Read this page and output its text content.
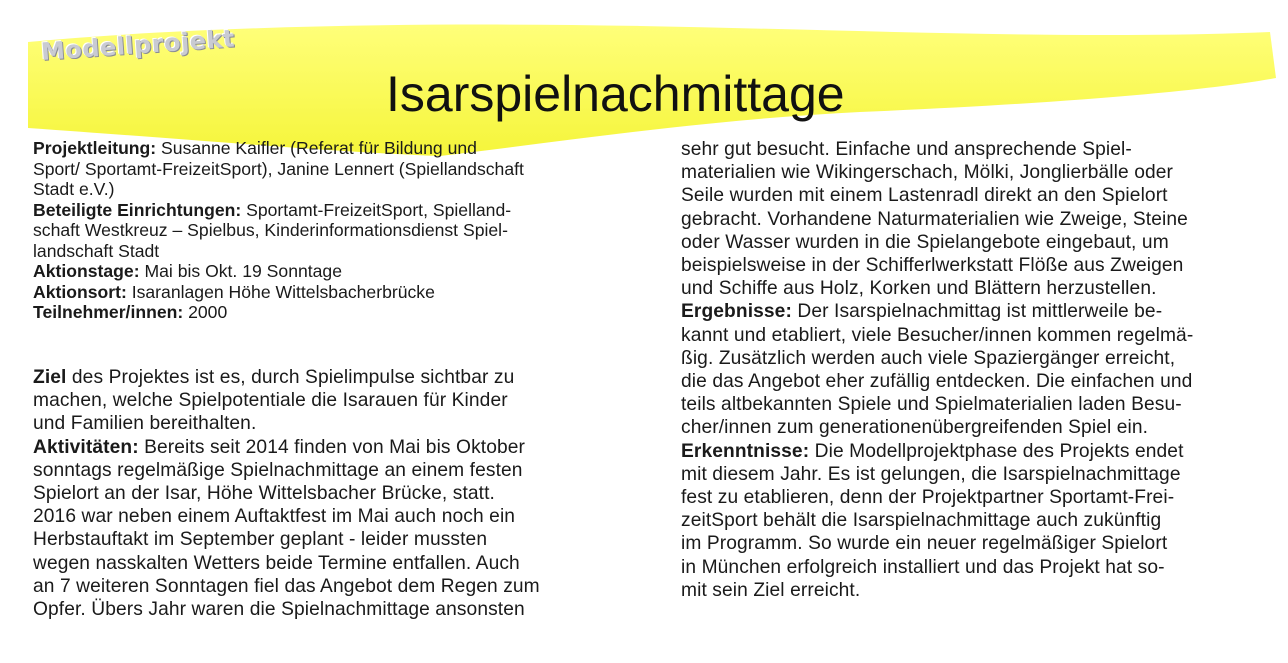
Modellprojekt
Isarspielnachmittage

Projektleitung: Susanne Kaifler (Referat für Bildung und

Sport/ Sportamt-FreizeitSport), Janine Lennert (Spiellandschaft

Stadt e.V.)

Beteiligte Einrichtungen: Sportamt-FreizeitSport, Spielland-

schaft Westkreuz – Spielbus, Kinderinformationsdienst Spiel-

landschaft Stadt

Aktionstage: Mai bis Okt. 19 Sonntage

Aktionsort: Isaranlagen Höhe Wittelsbacherbrücke

Teilnehmer/innen: 2000

Ziel des Projektes ist es, durch Spielimpulse sichtbar zu

machen, welche Spielpotentiale die Isarauen für Kinder

und Familien bereithalten.

Aktivitäten: Bereits seit 2014 finden von Mai bis Oktober

sonntags regelmäßige Spielnachmittage an einem festen

Spielort an der Isar, Höhe Wittelsbacher Brücke, statt.

2016 war neben einem Auftaktfest im Mai auch noch ein

Herbstauftakt im September geplant - leider mussten

wegen nasskalten Wetters beide Termine entfallen. Auch

an 7 weiteren Sonntagen fiel das Angebot dem Regen zum

Opfer. Übers Jahr waren die Spielnachmittage ansonsten

sehr gut besucht. Einfache und ansprechende Spiel-

materialien wie Wikingerschach, Mölki, Jonglierbälle oder

Seile wurden mit einem Lastenradl direkt an den Spielort

gebracht. Vorhandene Naturmaterialien wie Zweige, Steine

oder Wasser wurden in die Spielangebote eingebaut, um

beispielsweise in der Schifferlwerkstatt Flöße aus Zweigen

und Schiffe aus Holz, Korken und Blättern herzustellen.

Ergebnisse: Der Isarspielnachmittag ist mittlerweile be-

kannt und etabliert, viele Besucher/innen kommen regelmä-

ßig. Zusätzlich werden auch viele Spaziergänger erreicht,

die das Angebot eher zufällig entdecken. Die einfachen und

teils altbekannten Spiele und Spielmaterialien laden Besu-

cher/innen zum generationenübergreifenden Spiel ein.

Erkenntnisse: Die Modellprojektphase des Projekts endet

mit diesem Jahr. Es ist gelungen, die Isarspielnachmittage

fest zu etablieren, denn der Projektpartner Sportamt-Frei-

zeitSport behält die Isarspielnachmittage auch zukünftig

im Programm. So wurde ein neuer regelmäßiger Spielort

in München erfolgreich installiert und das Projekt hat so-

mit sein Ziel erreicht.
